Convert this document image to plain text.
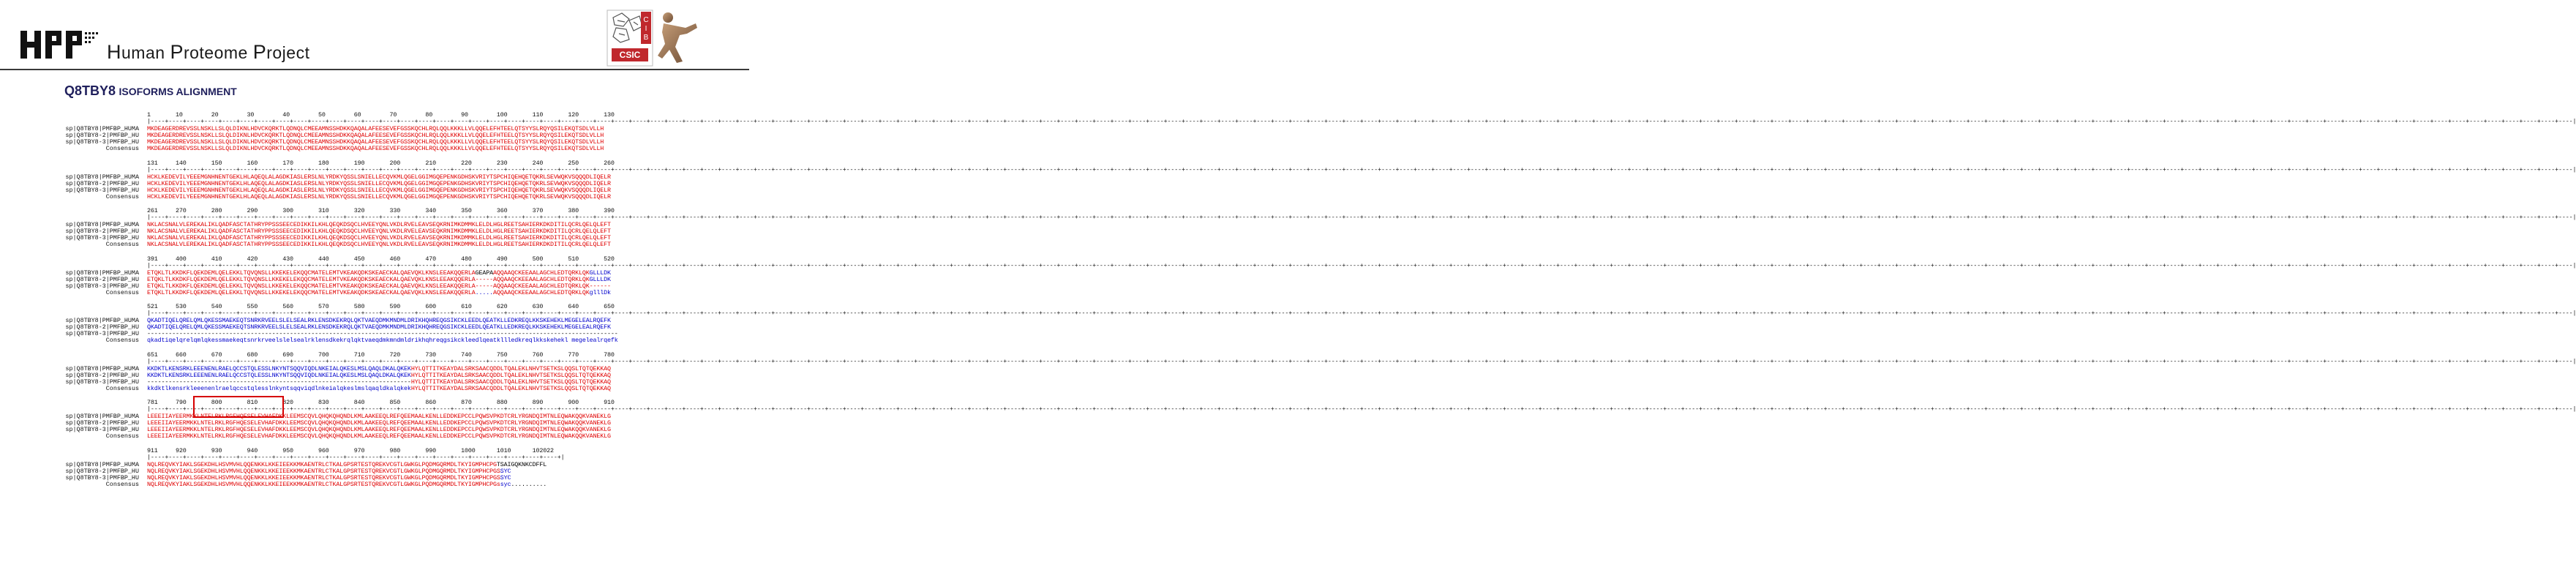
Human Proteome Project
C
I
B
CSIC
Q8TBY8 ISOFORMS ALIGNMENT
1       10        20        30        40        50        60        70        80        90        100       110       120       130
|----+----+----+----+----+----+----+----+----+----+----+----+----+----+----+----+----+----+----+----+----+----+----+----+----+----+----+----+----+----+----+----+----+----+----+----+----+----+----+----+----+----+----+----+----+----+----+----+----+----+----+----+----+----+----+----+----+----+----+----+----+----+----+----+----+----+----+----+----+----+----+----+----+----+----+----+----+----+----+----+----+----+----+----+----+----+----+----+----+----+----+----+----+----+----+----+----+----+----+----+----+----+----+----+----+----+----+----+----+----+----+----+----+----+----+----+----+----+----+----+----+----+----+----+----+----+----+----+----+----+----+----+----+----+----+----|
sp|Q8TBY8|PMFBP_HUMA MKDEAGERDREVSSLNSKLLSLQLDIKNLHDVCKQRKTLQDNQLCMEEAMNSSHDKKQAQALAFEESEVEFGSSKQCHLRQLQQLKKKLLVLQQELEFHTEELQTSYYSLRQYQSILEKQTSDLVLLH
sp|Q8TBY8-2|PMFBP_HU MKDEAGERDREVSSLNSKLLSLQLDIKNLHDVCKQRKTLQDNQLCMEEAMNSSHDKKQAQALAFEESEVEFGSSKQCHLRQLQQLKKKLLVLQQELEFHTEELQTSYYSLRQYQSILEKQTSDLVLLH
sp|Q8TBY8-3|PMFBP_HU MKDEAGERDREVSSLNSKLLSLQLDIKNLHDVCKQRKTLQDNQLCMEEAMNSSHDKKQAQALAFEESEVEFGSSKQCHLRQLQQLKKKLLVLQQELEFHTEELQTSYYSLRQYQSILEKQTSDLVLLH
Consensus MKDEAGERDREVSSLNSKLLSLQLDIKNLHDVCKQRKTLQDNQLCMEEAMNSSHDKKQAQALAFEESEVEFGSSKQCHLRQLQQLKKKLLVLQQELEFHTEELQTSYYSLRQYQSILEKQTSDLVLLH
131     140       150       160       170       180       190       200       210       220       230       240       250       260
|----+----+----+----+----+----+----+----+----+----+----+----+----+----+----+----+----+----+----+----+----+----+----+----+----+----+----+----+----+----+----+----+----+----+----+----+----+----+----+----+----+----+----+----+----+----+----+----+----+----+----+----+----+----+----+----+----+----+----+----+----+----+----+----+----+----+----+----+----+----+----+----+----+----+----+----+----+----+----+----+----+----+----+----+----+----+----+----+----+----+----+----+----+----+----+----+----+----+----+----+----+----+----+----+----+----+----+----+----+----+----+----+----+----+----+----+----+----+----+----+----+----+----+----+----+----+----+----+----+----+----+----+----+----+----+----|
sp|Q8TBY8|PMFBP_HUMA HCKLKEDEVILYEEEMGNHNENTGEKLHLAQEQLALAGDKIASLERSLNLYRDKYQSSLSNIELLECQVKMLQGELGGIMGQEPENKGDHSKVRIYTSPCHIQEHQETQKRLSEVWQKVSQQQDLIQELR
sp|Q8TBY8-2|PMFBP_HU HCKLKEDEVILYEEEMGNHNENTGEKLHLAQEQLALAGDKIASLERSLNLYRDKYQSSLSNIELLECQVKMLQGELGGIMGQEPENKGDHSKVRIYTSPCHIQEHQETQKRLSEVWQKVSQQQDLIQELR
sp|Q8TBY8-3|PMFBP_HU HCKLKEDEVILYEEEMGNHNENTGEKLHLAQEQLALAGDKIASLERSLNLYRDKYQSSLSNIELLECQVKMLQGELGGIMGQEPENKGDHSKVRIYTSPCHIQEHQETQKRLSEVWQKVSQQQDLIQELR
Consensus HCKLKEDEVILYEEEMGNHNENTGEKLHLAQEQLALAGDKIASLERSLNLYRDKYQSSLSNIELLECQVKMLQGELGGIMGQEPENKGDHSKVRIYTSPCHIQEHQETQKRLSEVWQKVSQQQDLIQELR
261     270       280       290       300       310       320       330       340       350       360       370       380       390
|----+----+----+----+----+----+----+----+----+----+----+----+----+----+----+----+----+----+----+----+----+----+----+----+----+----+----+----+----+----+----+----+----+----+----+----+----+----+----+----+----+----+----+----+----+----+----+----+----+----+----+----+----+----+----+----+----+----+----+----+----+----+----+----+----+----+----+----+----+----+----+----+----+----+----+----+----+----+----+----+----+----+----+----+----+----+----+----+----+----+----+----+----+----+----+----+----+----+----+----+----+----+----+----+----+----+----+----+----+----+----+----+----+----+----+----+----+----+----+----+----+----+----+----+----+----+----+----+----+----+----+----+----+----+----+----|
sp|Q8TBY8|PMFBP_HUMA NKLACSNALVLEREKALIKLQADFASCTATHRYPPSSSEECEDIKKILKHLQEQKDSQCLHVEEYQNLVKDLRVELEAVSEQKRNIMKDMMKLELDLHGLREETSAHIERKDKDITILQCRLQELQLEFT
sp|Q8TBY8-2|PMFBP_HU NKLACSNALVLEREKALIKLQADFASCTATHRYPPSSSEECEDIKKILKHLQEQKDSQCLHVEEYQNLVKDLRVELEAVSEQKRNIMKDMMKLELDLHGLREETSAHIERKDKDITILQCRLQELQLEFT
sp|Q8TBY8-3|PMFBP_HU NKLACSNALVLEREKALIKLQADFASCTATHRYPPSSSEECEDIKKILKHLQEQKDSQCLHVEEYQNLVKDLRVELEAVSEQKRNIMKDMMKLELDLHGLREETSAHIERKDKDITILQCRLQELQLEFT
Consensus NKLACSNALVLEREKALIKLQADFASCTATHRYPPSSSEECEDIKKILKHLQEQKDSQCLHVEEYQNLVKDLRVELEAVSEQKRNIMKDMMKLELDLHGLREETSAHIERKDKDITILQCRLQELQLEFT
391     400       410       420       430       440       450       460       470       480       490       500       510       520
|----+----+----+----+----+----+----+----+----+----+----+----+----+----+----+----+----+----+----+----+----+----+----+----+----+----+----+----+----+----+----+----+----+----+----+----+----+----+----+----+----+----+----+----+----+----+----+----+----+----+----+----+----+----+----+----+----+----+----+----+----+----+----+----+----+----+----+----+----+----+----+----+----+----+----+----+----+----+----+----+----+----+----+----+----+----+----+----+----+----+----+----+----+----+----+----+----+----+----+----+----+----+----+----+----+----+----+----+----+----+----+----+----+----+----+----+----+----+----+----+----+----+----+----+----+----+----+----+----+----+----+----+----+----+----+----|
sp|Q8TBY8|PMFBP_HUMA ETQKLTLKKDKFLQEKDEMLQELEKKLTQVQNSLLKKEKELEKQQCMATELEMTVKEAKQDKSKEAECKALQAEVQKLKNSLEEAKQQERLAGEAPAAQQAAQCKEEAALAGCHLEDTQRKLQKGLLLDK
sp|Q8TBY8-2|PMFBP_HU ETQKLTLKKDKFLQEKDEMLQELEKKLTQVQNSLLKKEKELEKQQCMATELEMTVKEAKQDKSKEAECKALQAEVQKLKNSLEEAKQQERLA-----AQQAAQCKEEAALAGCHLEDTQRKLQKGLLLDK
sp|Q8TBY8-3|PMFBP_HU ETQKLTLKKDKFLQEKDEMLQELEKKLTQVQNSLLKKEKELEKQQCMATELEMTVKEAKQDKSKEAECKALQAEVQKLKNSLEEAKQQERLA-----AQQAAQCKEEAALAGCHLEDTQRKLQK------
Consensus ETQKLTLKKDKFLQEKDEMLQELEKKLTQVQNSLLKKEKELEKQQCMATELEMTVKEAKQDKSKEAECKALQAEVQKLKNSLEEAKQQERLA.....AQQAAQCKEEAALAGCHLEDTQRKLQKglllDk
521     530       540       550       560       570       580       590       600       610       620       630       640       650
|----+----+----+----+----+----+----+----+----+----+----+----+----+----+----+----+----+----+----+----+----+----+----+----+----+----+----+----+----+----+----+----+----+----+----+----+----+----+----+----+----+----+----+----+----+----+----+----+----+----+----+----+----+----+----+----+----+----+----+----+----+----+----+----+----+----+----+----+----+----+----+----+----+----+----+----+----+----+----+----+----+----+----+----+----+----+----+----+----+----+----+----+----+----+----+----+----+----+----+----+----+----+----+----+----+----+----+----+----+----+----+----+----+----+----+----+----+----+----+----+----+----+----+----+----+----+----+----+----+----+----+----+----+----+----+----|
sp|Q8TBY8|PMFBP_HUMA QKADTIQELQRELQMLQKESSMAEKEQTSNRKRVEELSLELSEALRKLENSDKEKRQLQKTVAEQDMKMNDMLDRIKHQHREQGSIKCKLEEDLQEATKLLEDKREQLKKSKEHEKLMEGELEALRQEFK
sp|Q8TBY8-2|PMFBP_HU QKADTIQELQRELQMLQKESSMAEKEQTSNRKRVEELSLELSEALRKLENSDKEKRQLQKTVAEQDMKMNDMLDRIKHQHREQGSIKCKLEEDLQEATKLLEDKREQLKKSKEHEKLMEGELEALRQEFK
sp|Q8TBY8-3|PMFBP_HU ------------------------------------------------------------------------------------------------------------------------------------
Consensus qkadtiqelqrelqmlqkessmaekeqtsnrkrveelslelsealrklensdkekrqlqktvaeqdmkmndmldrikhqhreqgsikckleedlqeatkllledkreqlkkskehekl megelealrqefk
651     660       670       680       690       700       710       720       730       740       750       760       770       780
|----+----+----+----+----+----+----+----+----+----+----+----+----+----+----+----+----+----+----+----+----+----+----+----+----+----+----+----+----+----+----+----+----+----+----+----+----+----+----+----+----+----+----+----+----+----+----+----+----+----+----+----+----+----+----+----+----+----+----+----+----+----+----+----+----+----+----+----+----+----+----+----+----+----+----+----+----+----+----+----+----+----+----+----+----+----+----+----+----+----+----+----+----+----+----+----+----+----+----+----+----+----+----+----+----+----+----+----+----+----+----+----+----+----+----+----+----+----+----+----+----+----+----+----+----+----+----+----+----+----+----+----+----+----+----+----|
sp|Q8TBY8|PMFBP_HUMA KKDKTLKENSRKLEEENENLRAELQCCSTQLESSLNKYNTSQQVIQDLNKEIALQKESLMSLQAQLDKALQKEKHYLQTTITKEAYDALSRKSAACQDDLTQALEKLNHVTSETKSLQQSLTQTQEKKAQ
sp|Q8TBY8-2|PMFBP_HU KKDKTLKENSRKLEEENENLRAELQCCSTQLESSLNKYNTSQQVIQDLNKEIALQKESLMSLQAQLDKALQKEKHYLQTTITKEAYDALSRKSAACQDDLTQALEKLNHVTSETKSLQQSLTQTQEKKAQ
sp|Q8TBY8-3|PMFBP_HU --------------------------------------------------------------------------HYLQTTITKEAYDALSRKSAACQDDLTQALEKLNHVTSETKSLQQSLTQTQEKKAQ
Consensus kkdktlkensrkleeenenlraelqccstqlesslnkyntsqqviqdlnkeialqkeslmslqaqldkalqkekHYLQTTITKEAYDALSRKSAACQDDLTQALEKLNHVTSETKSLQQSLTQTQEKKAQ
781     790       800       810       820       830       840       850       860       870       880       890       900       910
|----+----+----+----+----+----+----+----+----+----+----+----+----+----+----+----+----+----+----+----+----+----+----+----+----+----+----+----+----+----+----+----+----+----+----+----+----+----+----+----+----+----+----+----+----+----+----+----+----+----+----+----+----+----+----+----+----+----+----+----+----+----+----+----+----+----+----+----+----+----+----+----+----+----+----+----+----+----+----+----+----+----+----+----+----+----+----+----+----+----+----+----+----+----+----+----+----+----+----+----+----+----+----+----+----+----+----+----+----+----+----+----+----+----+----+----+----+----+----+----+----+----+----+----+----+----+----+----+----+----+----+----+----+----+----+----|
sp|Q8TBY8|PMFBP_HUMA LEEEIIAYEERMKKLNTELRKLRGFHQESELEVHAFDKKLEEMSCQVLQHQKQHQNDLKMLAAKEEQLREFQEEMAALKENLLEDDKEPCCLPQWSVPKDTCRLYRGNDQIMTNLEQWAKQQKVANEKLG
sp|Q8TBY8-2|PMFBP_HU LEEEIIAYEERMKKLNTELRKLRGFHQESELEVHAFDKKLEEMSCQVLQHQKQHQNDLKMLAAKEEQLREFQEEMAALKENLLEDDKEPCCLPQWSVPKDTCRLYRGNDQIMTNLEQWAKQQKVANEKLG
sp|Q8TBY8-3|PMFBP_HU LEEEIIAYEERMKKLNTELRKLRGFHQESELEVHAFDKKLEEMSCQVLQHQKQHQNDLKMLAAKEEQLREFQEEMAALKENLLEDDKEPCCLPQWSVPKDTCRLYRGNDQIMTNLEQWAKQQKVANEKLG
Consensus LEEEIIAYEERMKKLNTELRKLRGFHQESELEVHAFDKKLEEMSCQVLQHQKQHQNDLKMLAAKEEQLREFQEEMAALKENLLEDDKEPCCLPQWSVPKDTCRLYRGNDQIMTNLEQWAKQQKVANEKLG
911     920       930       940       950       960       970       980       990       1000      1010      102022
|----+----+----+----+----+----+----+----+----+----+----+----+----+----+----+----+----+----+----+----+----+----+----+|
sp|Q8TBY8|PMFBP_HUMA NQLREQVKYIAKLSGEKDHLHSVMVHLQQENKKLKKEIEEKKMKAENTRLCTKALGPSRTESTQREKVCGTLGWKGLPQDMGQRMDLTKYIGMPHCPGTSAIGQKNKCDFFL
sp|Q8TBY8-2|PMFBP_HU NQLREQVKYIAKLSGEKDHLHSVMVHLQQENKKLKKEIEEKKMKAENTRLCTKALGPSRTESTQREKVCGTLGWKGLPQDMGQRMDLTKYIGMPHCPGSSYC
sp|Q8TBY8-3|PMFBP_HU NQLREQVKYIAKLSGEKDHLHSVMVHLQQENKKLKKEIEEKKMKAENTRLCTKALGPSRTESTQREKVCGTLGWKGLPQDMGQRMDLTKYIGMPHCPGSSYC
Consensus NQLREQVKYIAKLSGEKDHLHSVMVHLQQENKKLKKEIEEKKMKAENTRLCTKALGPSRTESTQREKVCGTLGWKGLPQDMGQRMDLTKYIGMPHCPGssyc..........
